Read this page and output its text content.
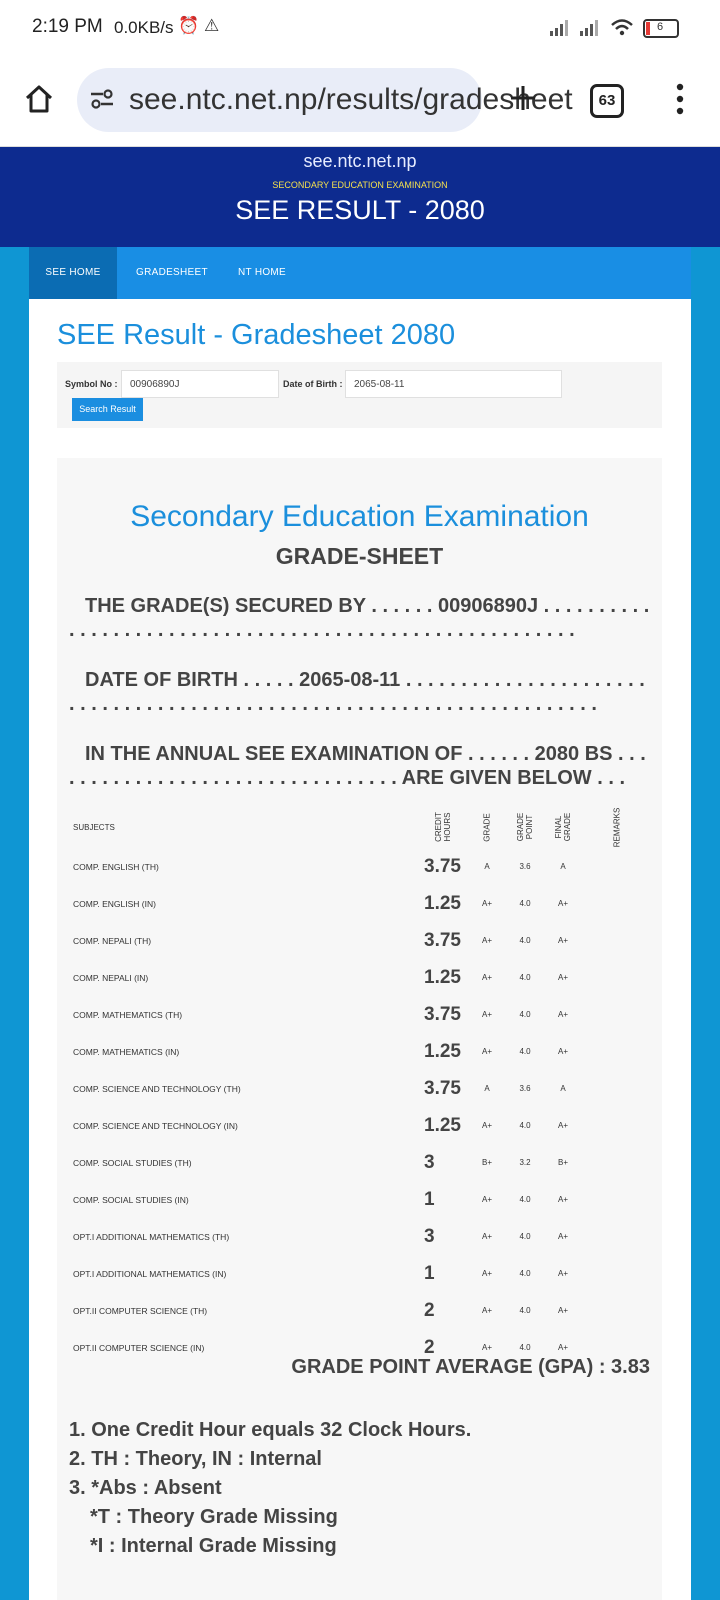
2:19 PM 0.0KB/s ⏰ ⚠	6
see.ntc.net.np/results/gradesheet	63
see.ntc.net.np
SECONDARY EDUCATION EXAMINATION
SEE RESULT - 2080
SEE HOME	GRADESHEET	NT HOME
SEE Result - Gradesheet 2080
Symbol No :
00906890J	Date of Birth :
2065-08-11
Search Result
Secondary Education Examination
GRADE-SHEET
THE GRADE(S) SECURED BY . . . . . . 00906890J . . . . . . . . . . . . . . . . . . . . . . . . . . . . . . . . . . . . . . . . . . . . . . . . . . . . . . . .
DATE OF BIRTH . . . . . 2065-08-11 . . . . . . . . . . . . . . . . . . . . . . . . . . . . . . . . . . . . . . . . . . . . . . . . . . . . . . . . . . . . . . . . . . . . . .
IN THE ANNUAL SEE EXAMINATION OF . . . . . . 2080 BS . . . . . . . . . . . . . . . . . . . . . . . . . . . . . . . . . ARE GIVEN BELOW . . .
SUBJECTS	CREDIT HOURS	GRADE	GRADE POINT	FINAL GRADE	REMARKS
COMP. ENGLISH (TH)	3.75	A	3.6	A	
COMP. ENGLISH (IN)	1.25	A+	4.0	A+	
COMP. NEPALI (TH)	3.75	A+	4.0	A+	
COMP. NEPALI (IN)	1.25	A+	4.0	A+	
COMP. MATHEMATICS (TH)	3.75	A+	4.0	A+	
COMP. MATHEMATICS (IN)	1.25	A+	4.0	A+	
COMP. SCIENCE AND TECHNOLOGY (TH)	3.75	A	3.6	A	
COMP. SCIENCE AND TECHNOLOGY (IN)	1.25	A+	4.0	A+	
COMP. SOCIAL STUDIES (TH)	3	B+	3.2	B+	
COMP. SOCIAL STUDIES (IN)	1	A+	4.0	A+	
OPT.I ADDITIONAL MATHEMATICS (TH)	3	A+	4.0	A+	
OPT.I ADDITIONAL MATHEMATICS (IN)	1	A+	4.0	A+	
OPT.II COMPUTER SCIENCE (TH)	2	A+	4.0	A+	
OPT.II COMPUTER SCIENCE (IN)	2	A+	4.0	A+	
GRADE POINT AVERAGE (GPA) : 3.83
1. One Credit Hour equals 32 Clock Hours.
2. TH : Theory, IN : Internal
3. *Abs : Absent
*T : Theory Grade Missing
*I : Internal Grade Missing
